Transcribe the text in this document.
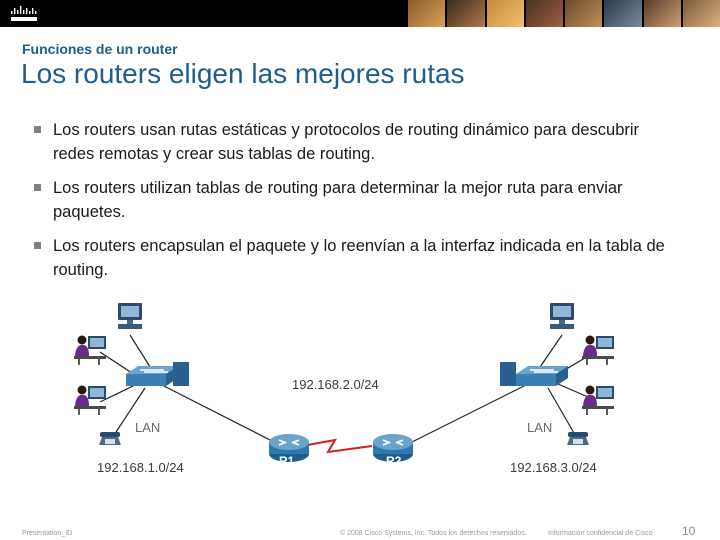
Funciones de un router
Los routers eligen las mejores rutas
Los routers usan rutas estáticas y protocolos de routing dinámico para descubrir redes remotas y crear sus tablas de routing.
Los routers utilizan tablas de routing para determinar la mejor ruta para enviar paquetes.
Los routers encapsulan el paquete y lo reenvían a la interfaz indicada en la tabla de routing.
R1	R2
192.168.2.0/24
192.168.1.0/24	192.168.3.0/24
LAN	LAN
Presentation_ID	© 2008 Cisco Systems, Inc. Todos los derechos reservados.	Información confidencial de Cisco 10
